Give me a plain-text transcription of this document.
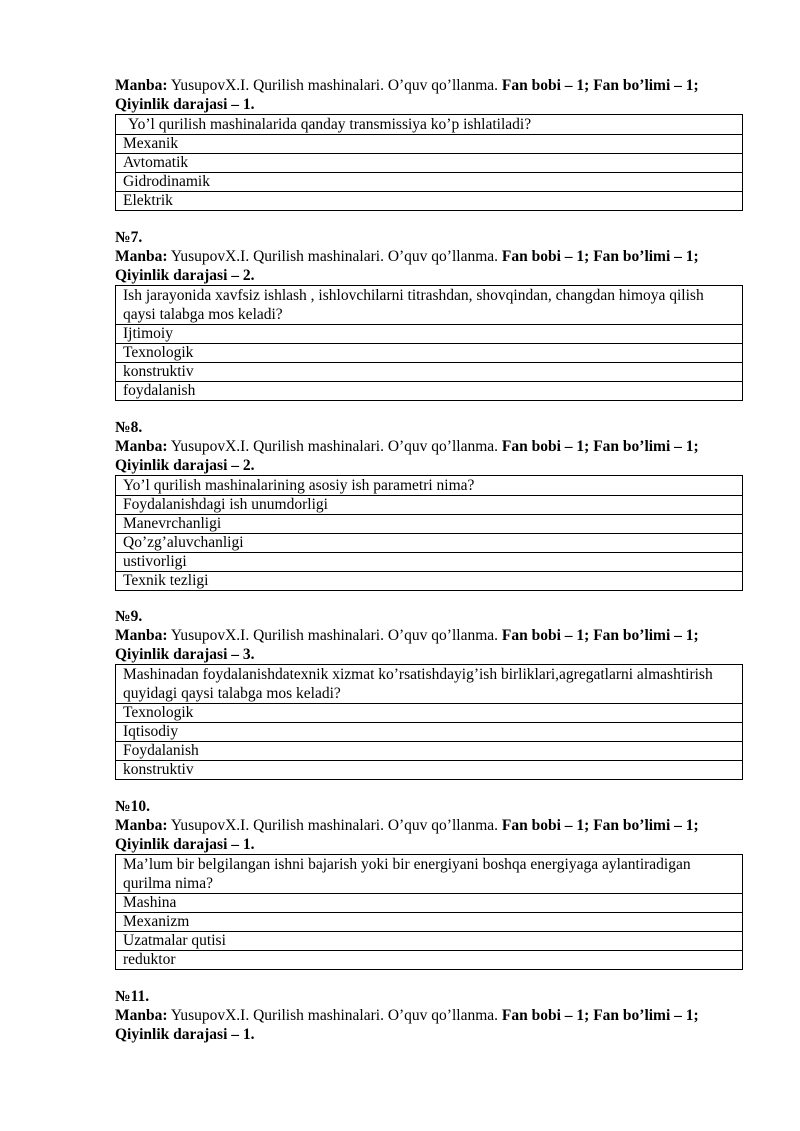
Manba: YusupovX.I. Qurilish mashinalari. O’quv qo’llanma. Fan bobi – 1; Fan bo’limi – 1;

Qiyinlik darajasi – 1.

Yo’l qurilish mashinalarida qanday transmissiya ko’p ishlatiladi?
Mexanik
Avtomatik
Gidrodinamik
Elektrik

№7.

Manba: YusupovX.I. Qurilish mashinalari. O’quv qo’llanma. Fan bobi – 1; Fan bo’limi – 1;

Qiyinlik darajasi – 2.

Ish jarayonida xavfsiz ishlash , ishlovchilarni titrashdan, shovqindan, changdan himoya qilish qaysi talabga mos keladi?
Ijtimoiy
Texnologik
konstruktiv
foydalanish

№8.

Manba: YusupovX.I. Qurilish mashinalari. O’quv qo’llanma. Fan bobi – 1; Fan bo’limi – 1;

Qiyinlik darajasi – 2.

Yo’l qurilish mashinalarining asosiy ish parametri nima?
Foydalanishdagi ish unumdorligi
Manevrchanligi
Qo’zg’aluvchanligi
ustivorligi
Texnik tezligi

№9.

Manba: YusupovX.I. Qurilish mashinalari. O’quv qo’llanma. Fan bobi – 1; Fan bo’limi – 1;

Qiyinlik darajasi – 3.

Mashinadan foydalanishdatexnik xizmat ko’rsatishdayig’ish birliklari,agregatlarni almashtirish quyidagi qaysi talabga mos keladi?
Texnologik
Iqtisodiy
Foydalanish
konstruktiv

№10.

Manba: YusupovX.I. Qurilish mashinalari. O’quv qo’llanma. Fan bobi – 1; Fan bo’limi – 1;

Qiyinlik darajasi – 1.

Ma’lum bir belgilangan ishni bajarish yoki bir energiyani boshqa energiyaga aylantiradigan qurilma nima?
Mashina
Mexanizm
Uzatmalar qutisi
reduktor

№11.

Manba: YusupovX.I. Qurilish mashinalari. O’quv qo’llanma. Fan bobi – 1; Fan bo’limi – 1;

Qiyinlik darajasi – 1.
